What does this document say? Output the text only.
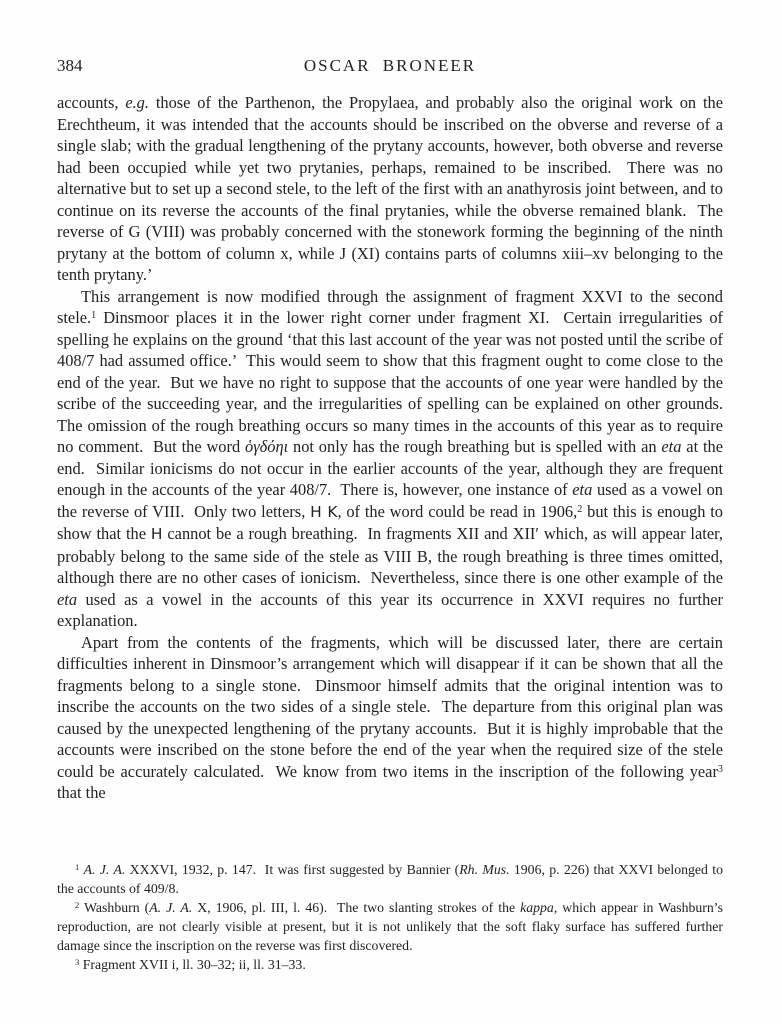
384	OSCAR BRONEER

accounts, e.g. those of the Parthenon, the Propylaea, and probably also the original work on the Erechtheum, it was intended that the accounts should be inscribed on the obverse and reverse of a single slab; with the gradual lengthening of the prytany accounts, however, both obverse and reverse had been occupied while yet two prytanies, perhaps, remained to be inscribed.  There was no alternative but to set up a second stele, to the left of the first with an anathyrosis joint between, and to continue on its reverse the accounts of the final prytanies, while the obverse remained blank.  The reverse of G (VIII) was probably concerned with the stonework forming the beginning of the ninth prytany at the bottom of column x, while J (XI) contains parts of columns xiii–xv belonging to the tenth prytany.’

This arrangement is now modified through the assignment of fragment XXVI to the second stele.$^1$ Dinsmoor places it in the lower right corner under fragment XI.  Certain irregularities of spelling he explains on the ground ‘that this last account of the year was not posted until the scribe of 408/7 had assumed office.’  This would seem to show that this fragment ought to come close to the end of the year.  But we have no right to suppose that the accounts of one year were handled by the scribe of the succeeding year, and the irregularities of spelling can be explained on other grounds.  The omission of the rough breathing occurs so many times in the accounts of this year as to require no comment.  But the word ὁγδόηι not only has the rough breathing but is spelled with an eta at the end.  Similar ionicisms do not occur in the earlier accounts of the year, although they are frequent enough in the accounts of the year 408/7.  There is, however, one instance of eta used as a vowel on the reverse of VIII.  Only two letters, H K, of the word could be read in 1906,$^2$ but this is enough to show that the H cannot be a rough breathing.  In fragments XII and XII′ which, as will appear later, probably belong to the same side of the stele as VIII B, the rough breathing is three times omitted, although there are no other cases of ionicism.  Nevertheless, since there is one other example of the eta used as a vowel in the accounts of this year its occurrence in XXVI requires no further explanation.

Apart from the contents of the fragments, which will be discussed later, there are certain difficulties inherent in Dinsmoor’s arrangement which will disappear if it can be shown that all the fragments belong to a single stone.  Dinsmoor himself admits that the original intention was to inscribe the accounts on the two sides of a single stele.  The departure from this original plan was caused by the unexpected lengthening of the prytany accounts.  But it is highly improbable that the accounts were inscribed on the stone before the end of the year when the required size of the stele could be accurately calculated.  We know from two items in the inscription of the following year$^3$ that the

$^1$ A. J. A. XXXVI, 1932, p. 147.  It was first suggested by Bannier (Rh. Mus. 1906, p. 226) that XXVI belonged to the accounts of 409/8.

$^2$ Washburn (A. J. A. X, 1906, pl. III, l. 46).  The two slanting strokes of the kappa, which appear in Washburn’s reproduction, are not clearly visible at present, but it is not unlikely that the soft flaky surface has suffered further damage since the inscription on the reverse was first discovered.

$^3$ Fragment XVII i, ll. 30–32; ii, ll. 31–33.
